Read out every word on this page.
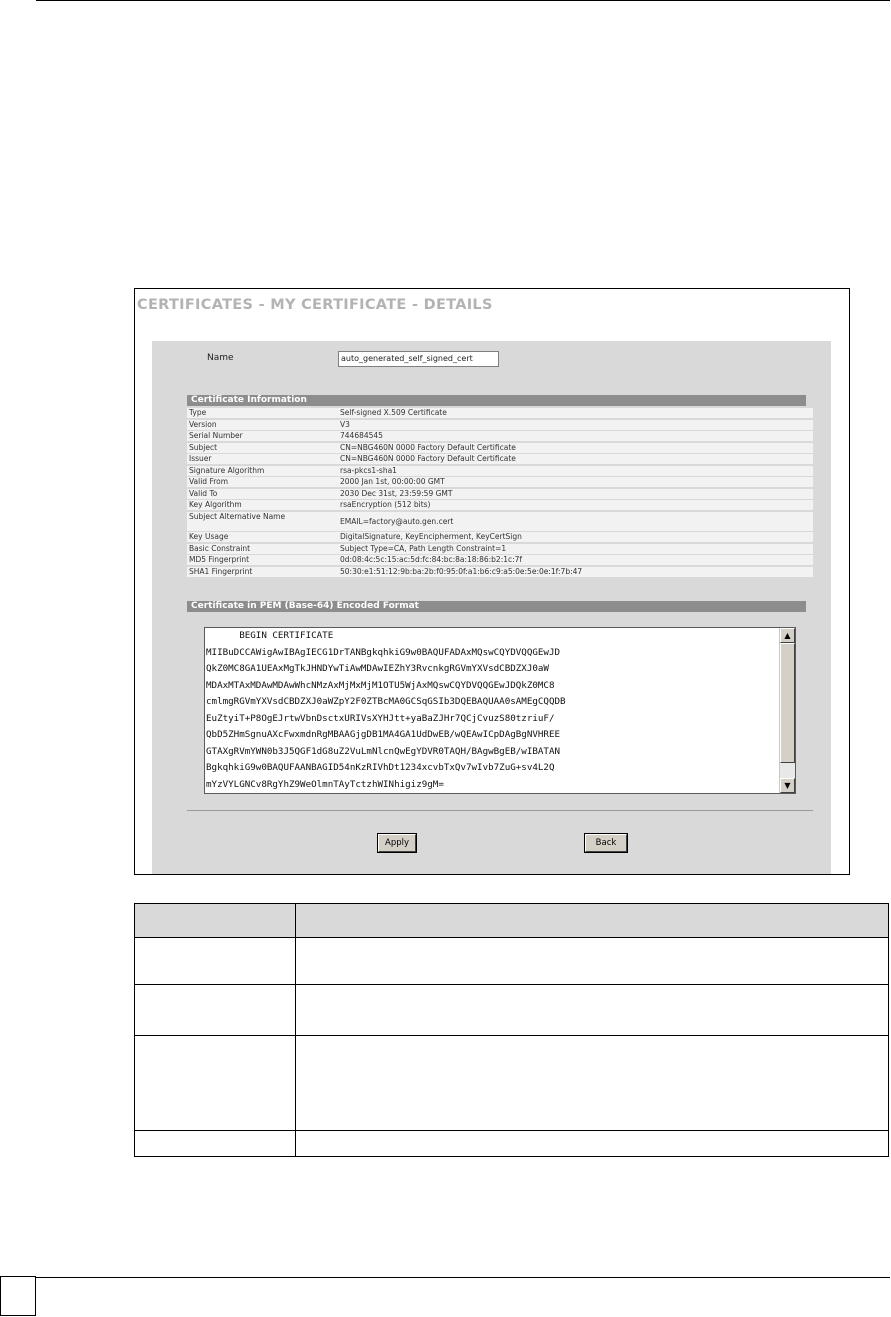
CERTIFICATES - MY CERTIFICATE - DETAILS
Name	auto_generated_self_signed_cert
Certificate Information
Type	Self-signed X.509 Certificate
Version	V3
Serial Number	744684545
Subject	CN=NBG460N 0000 Factory Default Certificate
Issuer	CN=NBG460N 0000 Factory Default Certificate
Signature Algorithm	rsa-pkcs1-sha1
Valid From	2000 Jan 1st, 00:00:00 GMT
Valid To	2030 Dec 31st, 23:59:59 GMT
Key Algorithm	rsaEncryption (512 bits)
Subject Alternative Name
EMAIL=factory@auto.gen.cert
Key Usage	DigitalSignature, KeyEncipherment, KeyCertSign
Basic Constraint	Subject Type=CA, Path Length Constraint=1
MD5 Fingerprint	0d:08:4c:5c:15:ac:5d:fc:84:bc:8a:18:86:b2:1c:7f
SHA1 Fingerprint	50:30:e1:51:12:9b:ba:2b:f0:95:0f:a1:b6:c9:a5:0e:5e:0e:1f:7b:47
Certificate in PEM (Base-64) Encoded Format
BEGIN CERTIFICATE
MIIBuDCCAWigAwIBAgIECG1DrTANBgkqhkiG9w0BAQUFADAxMQswCQYDVQQGEwJD
QkZ0MC8GA1UEAxMgTkJHNDYwTiAwMDAwIEZhY3RvcnkgRGVmYXVsdCBDZXJ0aW
MDAxMTAxMDAwMDAwWhcNMzAxMjMxMjM1OTU5WjAxMQswCQYDVQQGEwJDQkZ0MC8
cmlmgRGVmYXVsdCBDZXJ0aWZpY2F0ZTBcMA0GCSqGSIb3DQEBAQUAA0sAMEgCQQDB
EuZtyiT+P8OgEJrtwVbnDsctxURIVsXYHJtt+yaBaZJHr7QCjCvuzS80tzriuF/
QbD5ZHmSgnuAXcFwxmdnRgMBAAGjgDB1MA4GA1UdDwEB/wQEAwICpDAgBgNVHREE
GTAXgRVmYWN0b3J5QGF1dG8uZ2VuLmNlcnQwEgYDVR0TAQH/BAgwBgEB/wIBATAN
BgkqhkiG9w0BAQUFAANBAGID54nKzRIVhDt1234xcvbTxQv7wIvb7ZuG+sv4L2Q
mYzVYLGNCv8RgYhZ9WeOlmnTAyTctzhWINhigiz9gM=
▲
▼
Apply	Back
